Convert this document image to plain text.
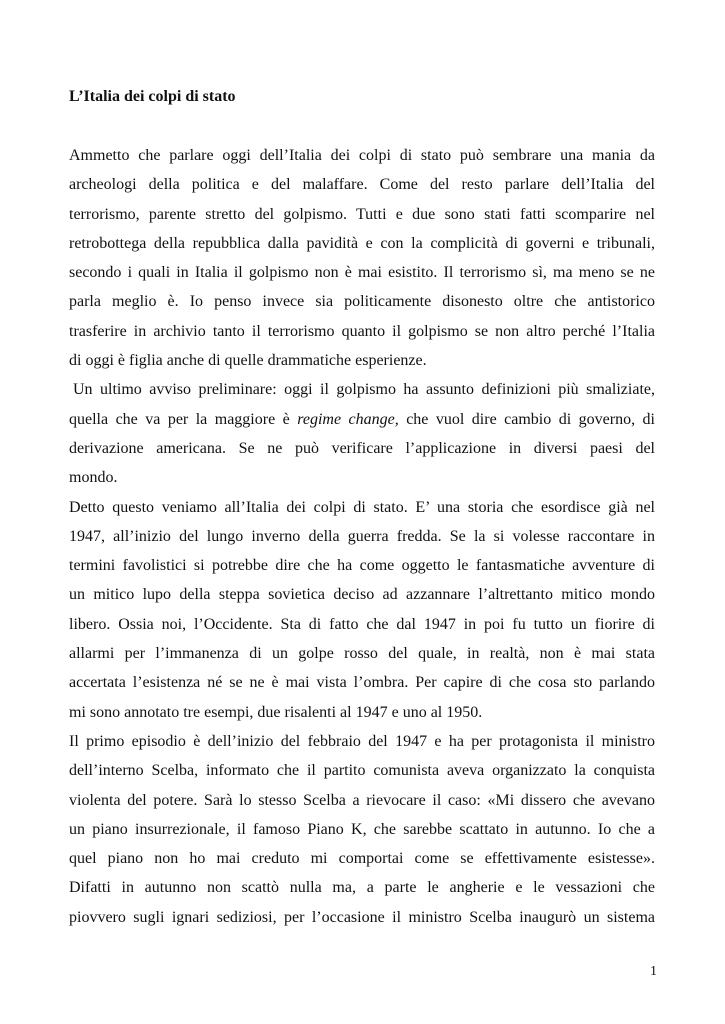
L’Italia dei colpi di stato
Ammetto che parlare oggi dell’Italia dei colpi di stato può sembrare una mania da
archeologi della politica e del malaffare. Come del resto parlare dell’Italia del
terrorismo, parente stretto del golpismo. Tutti e due sono stati fatti scomparire nel
retrobottega della repubblica dalla pavidità e con la complicità di governi e tribunali,
secondo i quali in Italia il golpismo non è mai esistito. Il terrorismo sì, ma meno se ne
parla meglio è. Io penso invece sia politicamente disonesto oltre che antistorico
trasferire in archivio tanto il terrorismo quanto il golpismo se non altro perché l’Italia
di oggi è figlia anche di quelle drammatiche esperienze.
Un ultimo avviso preliminare: oggi il golpismo ha assunto definizioni più smaliziate,
quella che va per la maggiore è regime change, che vuol dire cambio di governo, di
derivazione americana. Se ne può verificare l’applicazione in diversi paesi del
mondo.
Detto questo veniamo all’Italia dei colpi di stato. E’ una storia che esordisce già nel
1947, all’inizio del lungo inverno della guerra fredda. Se la si volesse raccontare in
termini favolistici si potrebbe dire che ha come oggetto le fantasmatiche avventure di
un mitico lupo della steppa sovietica deciso ad azzannare l’altrettanto mitico mondo
libero. Ossia noi, l’Occidente. Sta di fatto che dal 1947 in poi fu tutto un fiorire di
allarmi per l’immanenza di un golpe rosso del quale, in realtà, non è mai stata
accertata l’esistenza né se ne è mai vista l’ombra. Per capire di che cosa sto parlando
mi sono annotato tre esempi, due risalenti al 1947 e uno al 1950.
Il primo episodio è dell’inizio del febbraio del 1947 e ha per protagonista il ministro
dell’interno Scelba, informato che il partito comunista aveva organizzato la conquista
violenta del potere. Sarà lo stesso Scelba a rievocare il caso: «Mi dissero che avevano
un piano insurrezionale, il famoso Piano K, che sarebbe scattato in autunno. Io che a
quel piano non ho mai creduto mi comportai come se effettivamente esistesse».
Difatti in autunno non scattò nulla ma, a parte le angherie e le vessazioni che
piovvero sugli ignari sediziosi, per l’occasione il ministro Scelba inaugurò un sistema
1
